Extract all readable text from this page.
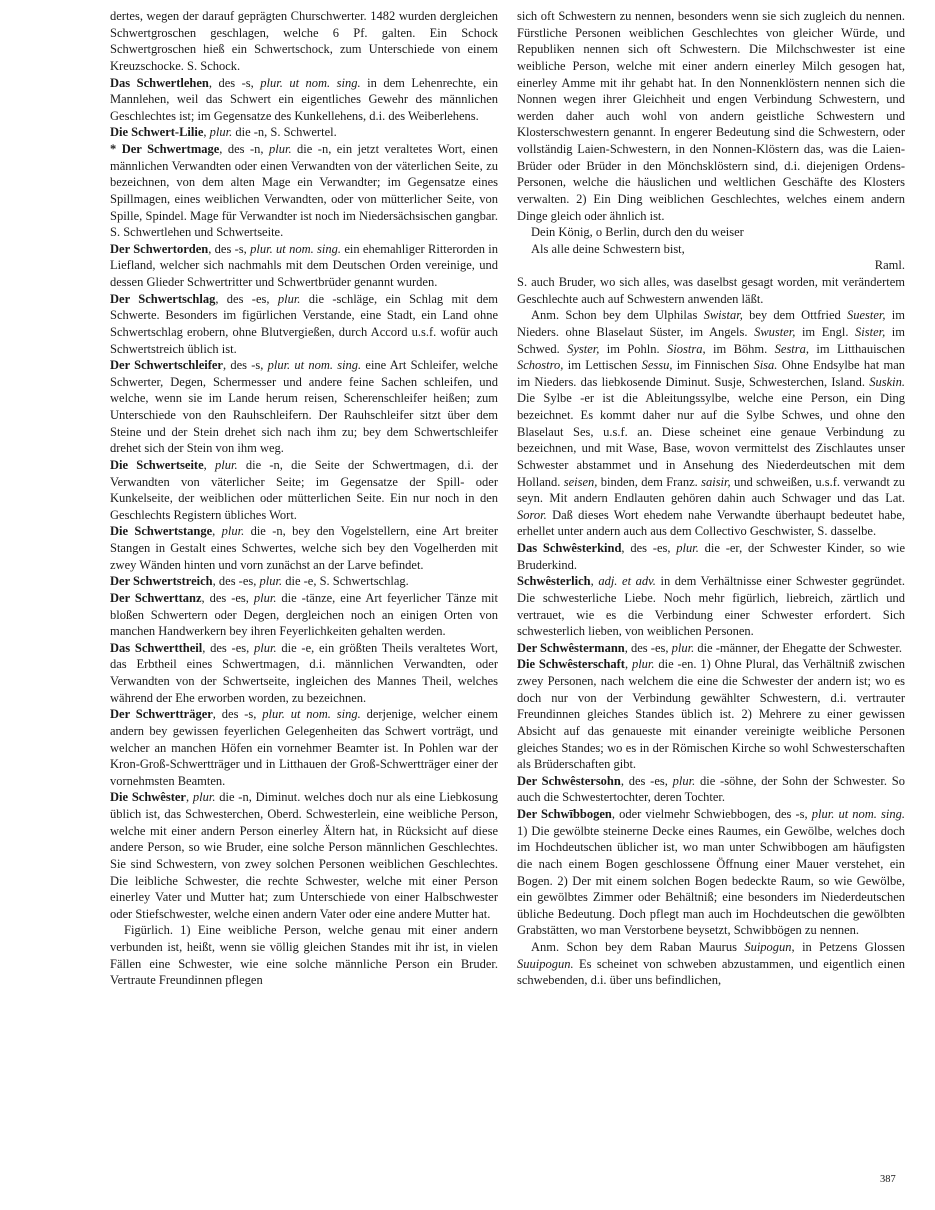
dertes, wegen der darauf geprägten Churschwerter. 1482 wurden dergleichen Schwertgroschen geschlagen, welche 6 Pf. galten. Ein Schock Schwertgroschen hieß ein Schwertschock, zum Unterschiede von einem Kreuzschocke. S. Schock.

Das Schwertlehen, des -s, plur. ut nom. sing. in dem Lehenrechte, ein Mannlehen, weil das Schwert ein eigentliches Gewehr des männlichen Geschlechtes ist; im Gegensatze des Kunkellehens, d.i. des Weiberlehens.

Die Schwert-Lilie, plur. die -n, S. Schwertel.

* Der Schwertmage, des -n, plur. die -n, ein jetzt veraltetes Wort, einen männlichen Verwandten oder einen Verwandten von der väterlichen Seite, zu bezeichnen, von dem alten Mage ein Verwandter; im Gegensatze eines Spillmagen, eines weiblichen Verwandten, oder von mütterlicher Seite, von Spille, Spindel. Mage für Verwandter ist noch im Niedersächsischen gangbar. S. Schwertlehen und Schwertseite.

Der Schwertorden, des -s, plur. ut nom. sing. ein ehemahliger Ritterorden in Liefland, welcher sich nachmahls mit dem Deutschen Orden vereinige, und dessen Glieder Schwertritter und Schwertbrüder genannt wurden.

Der Schwertschlag, des -es, plur. die -schläge, ein Schlag mit dem Schwerte. Besonders im figürlichen Verstande, eine Stadt, ein Land ohne Schwertschlag erobern, ohne Blutvergießen, durch Accord u.s.f. wofür auch Schwertstreich üblich ist.

Der Schwertschleifer, des -s, plur. ut nom. sing. eine Art Schleifer, welche Schwerter, Degen, Schermesser und andere feine Sachen schleifen, und welche, wenn sie im Lande herum reisen, Scherenschleifer heißen; zum Unterschiede von den Rauhschleifern. Der Rauhschleifer sitzt über dem Steine und der Stein drehet sich nach ihm zu; bey dem Schwertschleifer drehet sich der Stein von ihm weg.

Die Schwertseite, plur. die -n, die Seite der Schwertmagen, d.i. der Verwandten von väterlicher Seite; im Gegensatze der Spill- oder Kunkelseite, der weiblichen oder mütterlichen Seite. Ein nur noch in den Geschlechts Registern übliches Wort.

Die Schwertstange, plur. die -n, bey den Vogelstellern, eine Art breiter Stangen in Gestalt eines Schwertes, welche sich bey den Vogelherden mit zwey Wänden hinten und vorn zunächst an der Larve befindet.

Der Schwertstreich, des -es, plur. die -e, S. Schwertschlag.

Der Schwerttanz, des -es, plur. die -tänze, eine Art feyerlicher Tänze mit bloßen Schwertern oder Degen, dergleichen noch an einigen Orten von manchen Handwerkern bey ihren Feyerlichkeiten gehalten werden.

Das Schwerttheil, des -es, plur. die -e, ein größten Theils veraltetes Wort, das Erbtheil eines Schwertmagen, d.i. männlichen Verwandten, oder Verwandten von der Schwertseite, ingleichen des Mannes Theil, welches während der Ehe erworben worden, zu bezeichnen.

Der Schwertträger, des -s, plur. ut nom. sing. derjenige, welcher einem andern bey gewissen feyerlichen Gelegenheiten das Schwert vorträgt, und welcher an manchen Höfen ein vornehmer Beamter ist. In Pohlen war der Kron-Groß-Schwertträger und in Litthauen der Groß-Schwertträger einer der vornehmsten Beamten.

Die Schwêster, plur. die -n, Diminut. welches doch nur als eine Liebkosung üblich ist, das Schwesterchen, Oberd. Schwesterlein, eine weibliche Person, welche mit einer andern Person einerley Ältern hat, in Rücksicht auf diese andere Person, so wie Bruder, eine solche Person männlichen Geschlechtes. Sie sind Schwestern, von zwey solchen Personen weiblichen Geschlechtes. Die leibliche Schwester, die rechte Schwester, welche mit einer Person einerley Vater und Mutter hat; zum Unterschiede von einer Halbschwester oder Stiefschwester, welche einen andern Vater oder eine andere Mutter hat.

Figürlich. 1) Eine weibliche Person, welche genau mit einer andern verbunden ist, heißt, wenn sie völlig gleichen Standes mit ihr ist, in vielen Fällen eine Schwester, wie eine solche männliche Person ein Bruder. Vertraute Freundinnen pflegen

sich oft Schwestern zu nennen, besonders wenn sie sich zugleich du nennen. Fürstliche Personen weiblichen Geschlechtes von gleicher Würde, und Republiken nennen sich oft Schwestern. Die Milchschwester ist eine weibliche Person, welche mit einer andern einerley Milch gesogen hat, einerley Amme mit ihr gehabt hat. In den Nonnenklöstern nennen sich die Nonnen wegen ihrer Gleichheit und engen Verbindung Schwestern, und werden daher auch wohl von andern geistliche Schwestern und Klosterschwestern genannt. In engerer Bedeutung sind die Schwestern, oder vollständig Laien-Schwestern, in den Nonnen-Klöstern das, was die Laien-Brüder oder Brüder in den Mönchsklöstern sind, d.i. diejenigen Ordens-Personen, welche die häuslichen und weltlichen Geschäfte des Klosters verwalten. 2) Ein Ding weiblichen Geschlechtes, welches einem andern Dinge gleich oder ähnlich ist.

Dein König, o Berlin, durch den du weiser

Als alle deine Schwestern bist,

Raml.

S. auch Bruder, wo sich alles, was daselbst gesagt worden, mit verändertem Geschlechte auch auf Schwestern anwenden läßt.

Anm. Schon bey dem Ulphilas Swistar, bey dem Ottfried Suester, im Nieders. ohne Blaselaut Süster, im Angels. Swuster, im Engl. Sister, im Schwed. Syster, im Pohln. Siostra, im Böhm. Sestra, im Litthauischen Schostro, im Lettischen Sessu, im Finnischen Sisa. Ohne Endsylbe hat man im Nieders. das liebkosende Diminut. Susje, Schwesterchen, Island. Suskin. Die Sylbe -er ist die Ableitungssylbe, welche eine Person, ein Ding bezeichnet. Es kommt daher nur auf die Sylbe Schwes, und ohne den Blaselaut Ses, u.s.f. an. Diese scheinet eine genaue Verbindung zu bezeichnen, und mit Wase, Base, wovon vermittelst des Zischlautes unser Schwester abstammet und in Ansehung des Niederdeutschen mit dem Holland. seisen, binden, dem Franz. saisir, und schweißen, u.s.f. verwandt zu seyn. Mit andern Endlauten gehören dahin auch Schwager und das Lat. Soror. Daß dieses Wort ehedem nahe Verwandte überhaupt bedeutet habe, erhellet unter andern auch aus dem Collectivo Geschwister, S. dasselbe.

Das Schwêsterkind, des -es, plur. die -er, der Schwester Kinder, so wie Bruderkind.

Schwêsterlich, adj. et adv. in dem Verhältnisse einer Schwester gegründet. Die schwesterliche Liebe. Noch mehr figürlich, liebreich, zärtlich und vertrauet, wie es die Verbindung einer Schwester erfordert. Sich schwesterlich lieben, von weiblichen Personen.

Der Schwêstermann, des -es, plur. die -männer, der Ehegatte der Schwester.

Die Schwêsterschaft, plur. die -en. 1) Ohne Plural, das Verhältniß zwischen zwey Personen, nach welchem die eine die Schwester der andern ist; wo es doch nur von der Verbindung gewählter Schwestern, d.i. vertrauter Freundinnen gleiches Standes üblich ist. 2) Mehrere zu einer gewissen Absicht auf das genaueste mit einander vereinigte weibliche Personen gleiches Standes; wo es in der Römischen Kirche so wohl Schwesterschaften als Brüderschaften gibt.

Der Schwêstersohn, des -es, plur. die -söhne, der Sohn der Schwester. So auch die Schwestertochter, deren Tochter.

Der Schwībbogen, oder vielmehr Schwiebbogen, des -s, plur. ut nom. sing. 1) Die gewölbte steinerne Decke eines Raumes, ein Gewölbe, welches doch im Hochdeutschen üblicher ist, wo man unter Schwibbogen am häufigsten die nach einem Bogen geschlossene Öffnung einer Mauer verstehet, ein Bogen. 2) Der mit einem solchen Bogen bedeckte Raum, so wie Gewölbe, ein gewölbtes Zimmer oder Behältniß; eine besonders im Niederdeutschen übliche Bedeutung. Doch pflegt man auch im Hochdeutschen die gewölbten Grabstätten, wo man Verstorbene beysetzt, Schwibbögen zu nennen.

Anm. Schon bey dem Raban Maurus Suipogun, in Petzens Glossen Suuipogun. Es scheinet von schweben abzustammen, und eigentlich einen schwebenden, d.i. über uns befindlichen,

387
